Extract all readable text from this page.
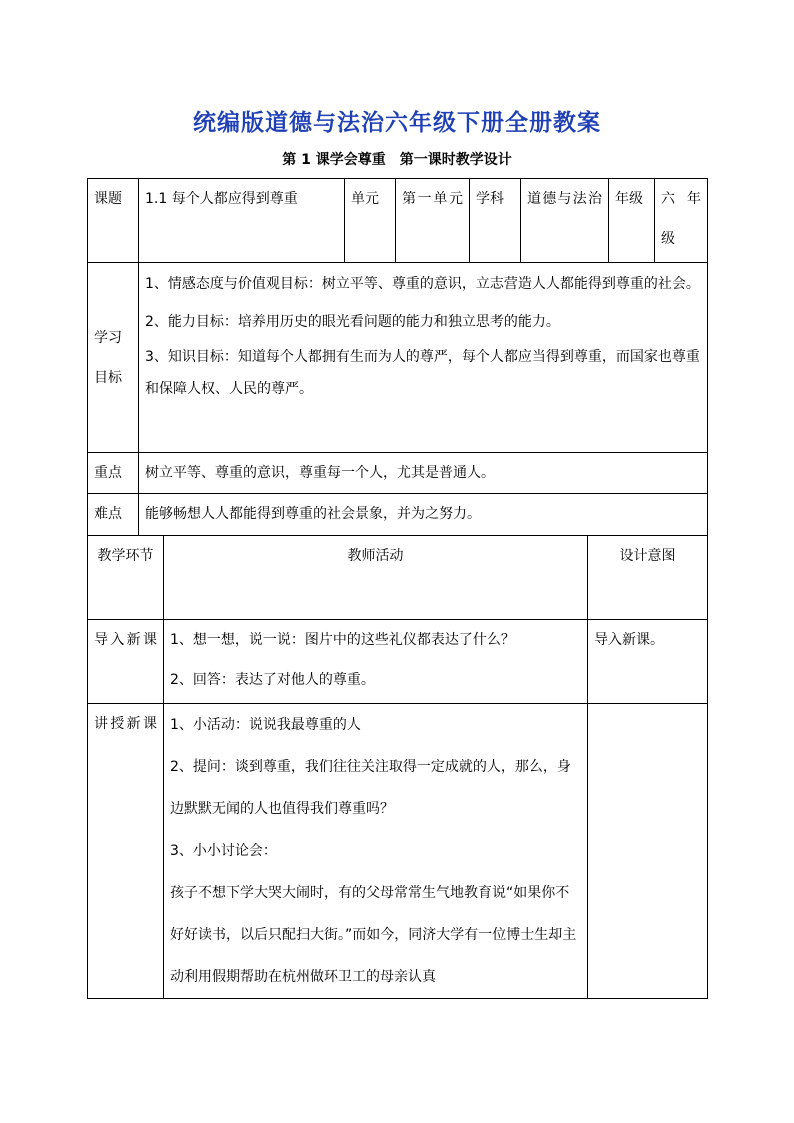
统编版道德与法治六年级下册全册教案
第 1 课学会尊重　第一课时教学设计
课题	1.1 每个人都应得到尊重	单元	第一单元	学科	道德与法治	年级	六年级
学习目标	1、情感态度与价值观目标：树立平等、尊重的意识，立志营造人人都能得到尊重的社会。
2、能力目标：培养用历史的眼光看问题的能力和独立思考的能力。
3、知识目标：知道每个人都拥有生而为人的尊严，每个人都应当得到尊重，而国家也尊重和保障人权、人民的尊严。						

重点	树立平等、尊重的意识，尊重每一个人，尤其是普通人。						
难点	能够畅想人人都能得到尊重的社会景象，并为之努力。						
教学环节	教师活动	设计意图
导入新课	1、想一想，说一说：图片中的这些礼仪都表达了什么？
2、回答：表达了对他人的尊重。	导入新课。
讲授新课	1、小活动：说说我最尊重的人
2、提问：谈到尊重，我们往往关注取得一定成就的人，那么，身边默默无闻的人也值得我们尊重吗？
3、小小讨论会：
孩子不想下学大哭大闹时，有的父母常常生气地教育说“如果你不好好读书，以后只配扫大街。”而如今，同济大学有一位博士生却主动利用假期帮助在杭州做环卫工的母亲认真	
